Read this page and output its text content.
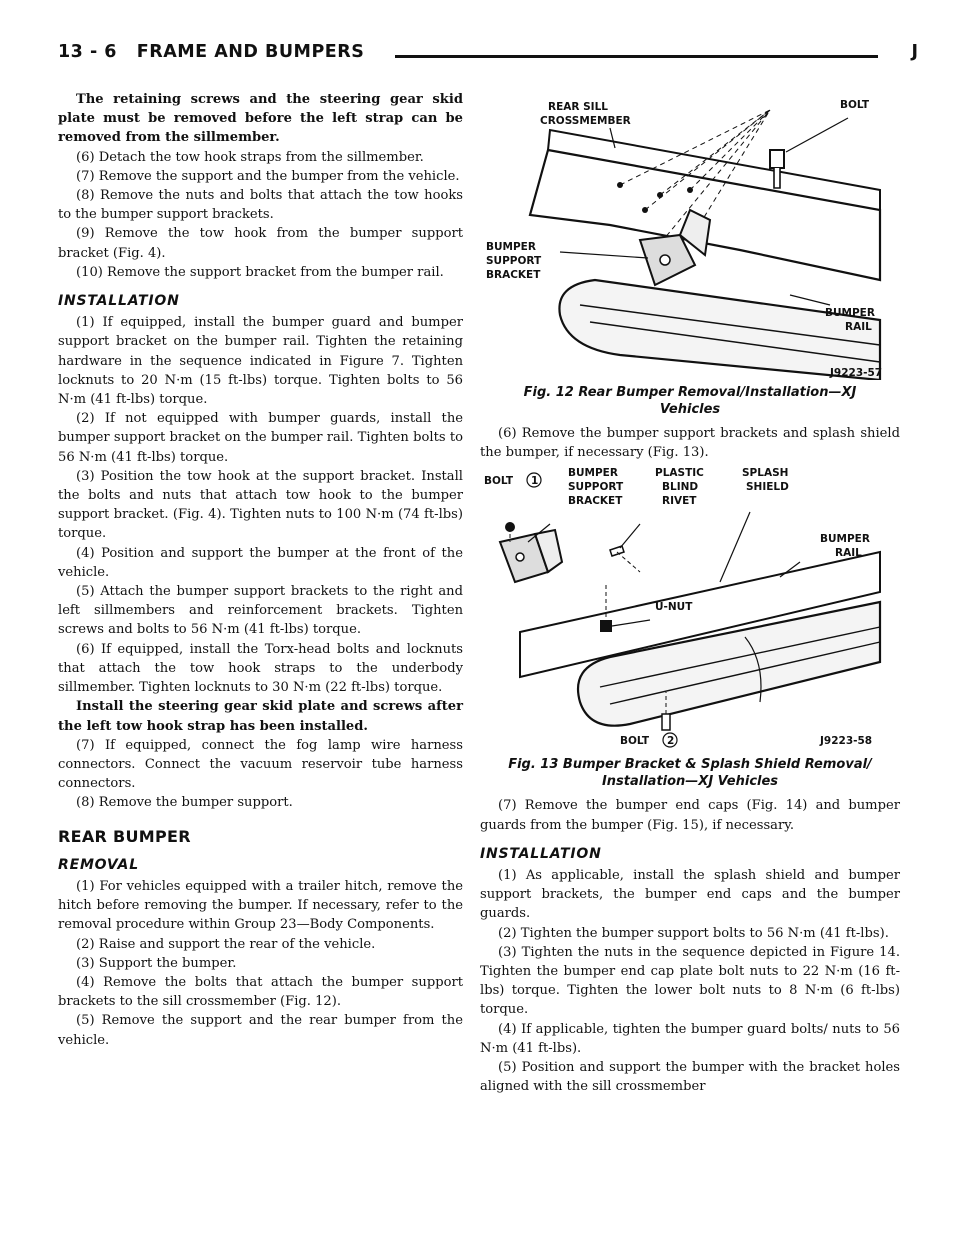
13 - 6 FRAME AND BUMPERS	J
The retaining screws and the steering gear skid plate must be removed before the left strap can be removed from the sillmember.
(6) Detach the tow hook straps from the sillmember.
(7) Remove the support and the bumper from the vehicle.
(8) Remove the nuts and bolts that attach the tow hooks to the bumper support brackets.
(9) Remove the tow hook from the bumper support bracket (Fig. 4).
(10) Remove the support bracket from the bumper rail.
INSTALLATION
(1) If equipped, install the bumper guard and bumper support bracket on the bumper rail. Tighten the retaining hardware in the sequence indicated in Figure 7. Tighten locknuts to 20 N·m (15 ft-lbs) torque. Tighten bolts to 56 N·m (41 ft-lbs) torque.
(2) If not equipped with bumper guards, install the bumper support bracket on the bumper rail. Tighten bolts to 56 N·m (41 ft-lbs) torque.
(3) Position the tow hook at the support bracket. Install the bolts and nuts that attach tow hook to the bumper support bracket. (Fig. 4). Tighten nuts to 100 N·m (74 ft-lbs) torque.
(4) Position and support the bumper at the front of the vehicle.
(5) Attach the bumper support brackets to the right and left sillmembers and reinforcement brackets. Tighten screws and bolts to 56 N·m (41 ft-lbs) torque.
(6) If equipped, install the Torx-head bolts and locknuts that attach the tow hook straps to the underbody sillmember. Tighten locknuts to 30 N·m (22 ft-lbs) torque.
Install the steering gear skid plate and screws after the left tow hook strap has been installed.
(7) If equipped, connect the fog lamp wire harness connectors. Connect the vacuum reservoir tube harness connectors.
(8) Remove the bumper support.
REAR BUMPER
REMOVAL
(1) For vehicles equipped with a trailer hitch, remove the hitch before removing the bumper. If necessary, refer to the removal procedure within Group 23—Body Components.
(2) Raise and support the rear of the vehicle.
(3) Support the bumper.
(4) Remove the bolts that attach the bumper support brackets to the sill crossmember (Fig. 12).
(5) Remove the support and the rear bumper from the vehicle.
REAR SILL
CROSSMEMBER
BOLT
BUMPER
SUPPORT
BRACKET
BUMPER
RAIL
J9223-57
Fig. 12 Rear Bumper Removal/Installation—XJ
Vehicles
(6) Remove the bumper support brackets and splash shield the bumper, if necessary (Fig. 13).
BOLT 1
BUMPER
SUPPORT
BRACKET
PLASTIC
BLIND
RIVET
SPLASH
SHIELD
BUMPER
RAIL
U-NUT
BOLT 2	J9223-58
Fig. 13 Bumper Bracket & Splash Shield Removal/
Installation—XJ Vehicles
(7) Remove the bumper end caps (Fig. 14) and bumper guards from the bumper (Fig. 15), if necessary.
INSTALLATION
(1) As applicable, install the splash shield and bumper support brackets, the bumper end caps and the bumper guards.
(2) Tighten the bumper support bolts to 56 N·m (41 ft-lbs).
(3) Tighten the nuts in the sequence depicted in Figure 14. Tighten the bumper end cap plate bolt nuts to 22 N·m (16 ft-lbs) torque. Tighten the lower bolt nuts to 8 N·m (6 ft-lbs) torque.
(4) If applicable, tighten the bumper guard bolts/ nuts to 56 N·m (41 ft-lbs).
(5) Position and support the bumper with the bracket holes aligned with the sill crossmember
